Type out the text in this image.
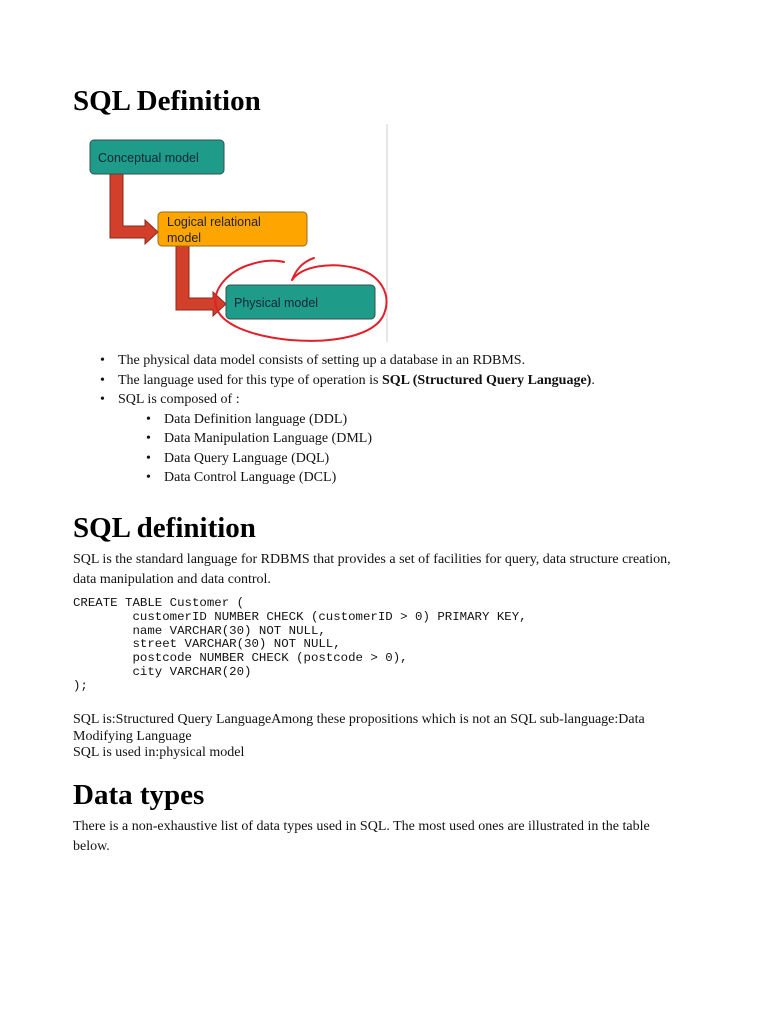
SQL Definition
Conceptual model
Logical relational
model
Physical model
• The physical data model consists of setting up a database in an RDBMS.
• The language used for this type of operation is SQL (Structured Query Language).
• SQL is composed of :
• Data Definition language (DDL)
• Data Manipulation Language (DML)
• Data Query Language (DQL)
• Data Control Language (DCL)
SQL definition

SQL is the standard language for RDBMS that provides a set of facilities for query, data structure creation, data manipulation and data control.

CREATE TABLE Customer (
customerID NUMBER CHECK (customerID > 0) PRIMARY KEY,
name VARCHAR(30) NOT NULL,
street VARCHAR(30) NOT NULL,
postcode NUMBER CHECK (postcode > 0),
city VARCHAR(20)
);
SQL is:Structured Query LanguageAmong these propositions which is not an SQL sub-language:Data Modifying Language
SQL is used in:physical model
Data types

There is a non-exhaustive list of data types used in SQL. The most used ones are illustrated in the table below.
